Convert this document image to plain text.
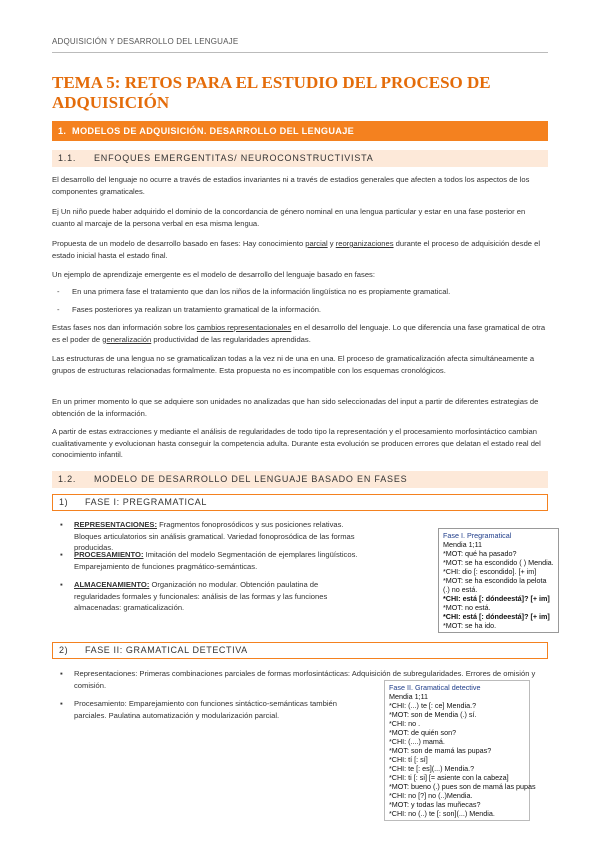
ADQUISICIÓN Y DESARROLLO DEL LENGUAJE
TEMA 5: RETOS PARA EL ESTUDIO DEL PROCESO DE ADQUISICIÓN
1. MODELOS DE ADQUISICIÓN. DESARROLLO DEL LENGUAJE
1.1. ENFOQUES EMERGENTITAS/ NEUROCONSTRUCTIVISTA
El desarrollo del lenguaje no ocurre a través de estadios invariantes ni a través de estadios generales que afecten a todos los aspectos de los componentes gramaticales.
Ej Un niño puede haber adquirido el dominio de la concordancia de género nominal en una lengua particular y estar en una fase posterior en cuanto al marcaje de la persona verbal en esa misma lengua.
Propuesta de un modelo de desarrollo basado en fases: Hay conocimiento parcial y reorganizaciones durante el proceso de adquisición desde el estado inicial hasta el estado final.
Un ejemplo de aprendizaje emergente es el modelo de desarrollo del lenguaje basado en fases:
- En una primera fase el tratamiento que dan los niños de la información lingüística no es propiamente gramatical.
- Fases posteriores ya realizan un tratamiento gramatical de la información.
Estas fases nos dan información sobre los cambios representacionales en el desarrollo del lenguaje. Lo que diferencia una fase gramatical de otra es el poder de generalización productividad de las regularidades aprendidas.
Las estructuras de una lengua no se gramaticalizan todas a la vez ni de una en una. El proceso de gramaticalización afecta simultáneamente a grupos de estructuras relacionadas formalmente. Esta propuesta no es incompatible con los esquemas cronológicos.
En un primer momento lo que se adquiere son unidades no analizadas que han sido seleccionadas del input a partir de diferentes estrategias de obtención de la información.
A partir de estas extracciones y mediante el análisis de regularidades de todo tipo la representación y el procesamiento morfosintáctico cambian cualitativamente y evolucionan hasta conseguir la competencia adulta. Durante esta evolución se producen errores que delatan el estado real del conocimiento infantil.
1.2. MODELO DE DESARROLLO DEL LENGUAJE BASADO EN FASES
1) FASE I: PREGRAMATICAL
▪ REPRESENTACIONES: Fragmentos fonoprosódicos y sus posiciones relativas. Bloques articulatorios sin análisis gramatical. Variedad fonoprosódica de las formas producidas.
▪ PROCESAMIENTO: Imitación del modelo Segmentación de ejemplares lingüísticos. Emparejamiento de funciones pragmático-semánticas.
▪ ALMACENAMIENTO: Organización no modular. Obtención paulatina de regularidades formales y funcionales: análisis de las formas y las funciones almacenadas: gramaticalización.
Fase I. Pregramatical
Mendia 1;11
*MOT: qué ha pasado?
*MOT: se ha escondido ( ) Mendia.
*CHI: dio [: escondido]. [+ im]
*MOT: se ha escondido la pelota (.) no está.
*CHI: está [: dóndeestá]? [+ im]
*MOT: no está.
*CHI: está [: dóndeestá]? [+ im]
*MOT: se ha ido.
2) FASE II: GRAMATICAL DETECTIVA
▪ Representaciones: Primeras combinaciones parciales de formas morfosintácticas: Adquisición de subregularidades. Errores de omisión y comisión.
▪ Procesamiento: Emparejamiento con funciones sintáctico-semánticas también parciales. Paulatina automatización y modularización parcial.
Fase II. Gramatical detective
Mendia 1;11
*CHI: (...) te [: ce] Mendia.?
*MOT: son de Mendia (.) sí.
*CHI: no .
*MOT: de quién son?
*CHI: (....) mamá.
*MOT: son de mamá las pupas?
*CHI: tí [: sí]
*CHI: te [: es](...) Mendia.?
*CHI: ti [: si] [= asiente con la cabeza]
*MOT: bueno (.) pues son de mamá las pupas
*CHI: no [?] no (..)Mendia.
*MOT: y todas las muñecas?
*CHI: no (..) te [: son](...) Mendia.
